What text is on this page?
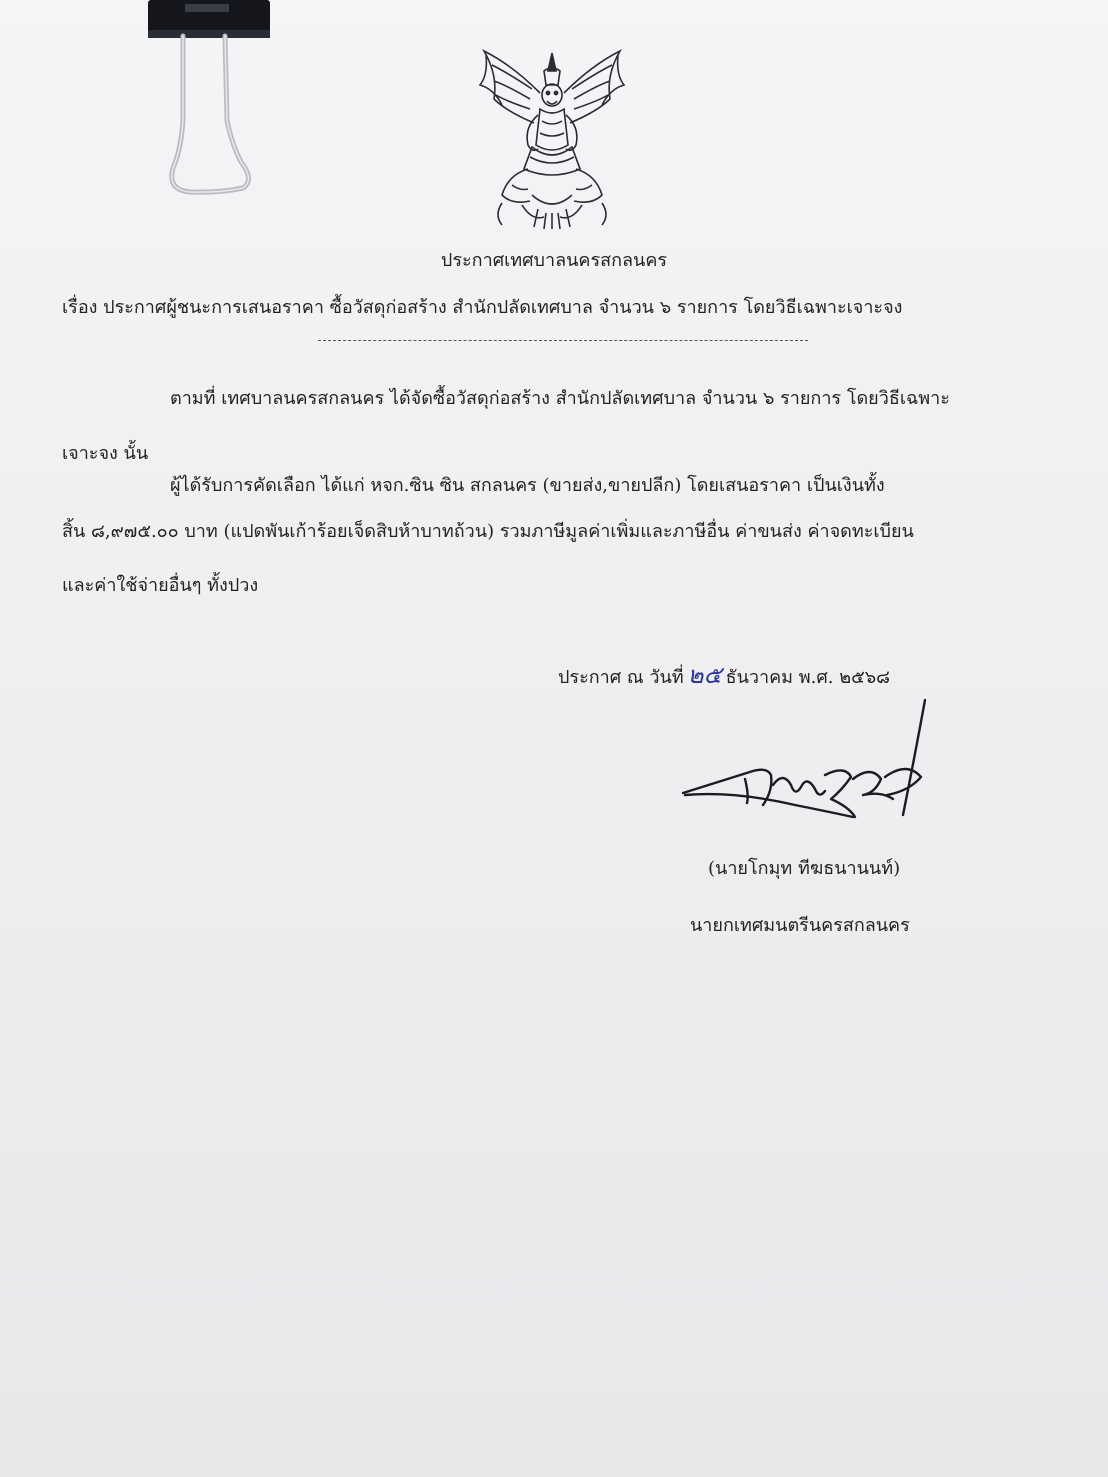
ประกาศเทศบาลนครสกลนคร
เรื่อง ประกาศผู้ชนะการเสนอราคา ซื้อวัสดุก่อสร้าง สำนักปลัดเทศบาล จำนวน ๖ รายการ โดยวิธีเฉพาะเจาะจง
ตามที่ เทศบาลนครสกลนคร ได้จัดซื้อวัสดุก่อสร้าง สำนักปลัดเทศบาล จำนวน ๖ รายการ โดยวิธีเฉพาะ
เจาะจง นั้น
ผู้ได้รับการคัดเลือก ได้แก่ หจก.ซิน ซิน สกลนคร (ขายส่ง,ขายปลีก) โดยเสนอราคา เป็นเงินทั้ง
สิ้น ๘,๙๗๕.๐๐ บาท (แปดพันเก้าร้อยเจ็ดสิบห้าบาทถ้วน) รวมภาษีมูลค่าเพิ่มและภาษีอื่น ค่าขนส่ง ค่าจดทะเบียน
และค่าใช้จ่ายอื่นๆ ทั้งปวง
ประกาศ ณ วันที่ ๒๕ ธันวาคม พ.ศ. ๒๕๖๘
(นายโกมุท ทีฆธนานนท์)
นายกเทศมนตรีนครสกลนคร
